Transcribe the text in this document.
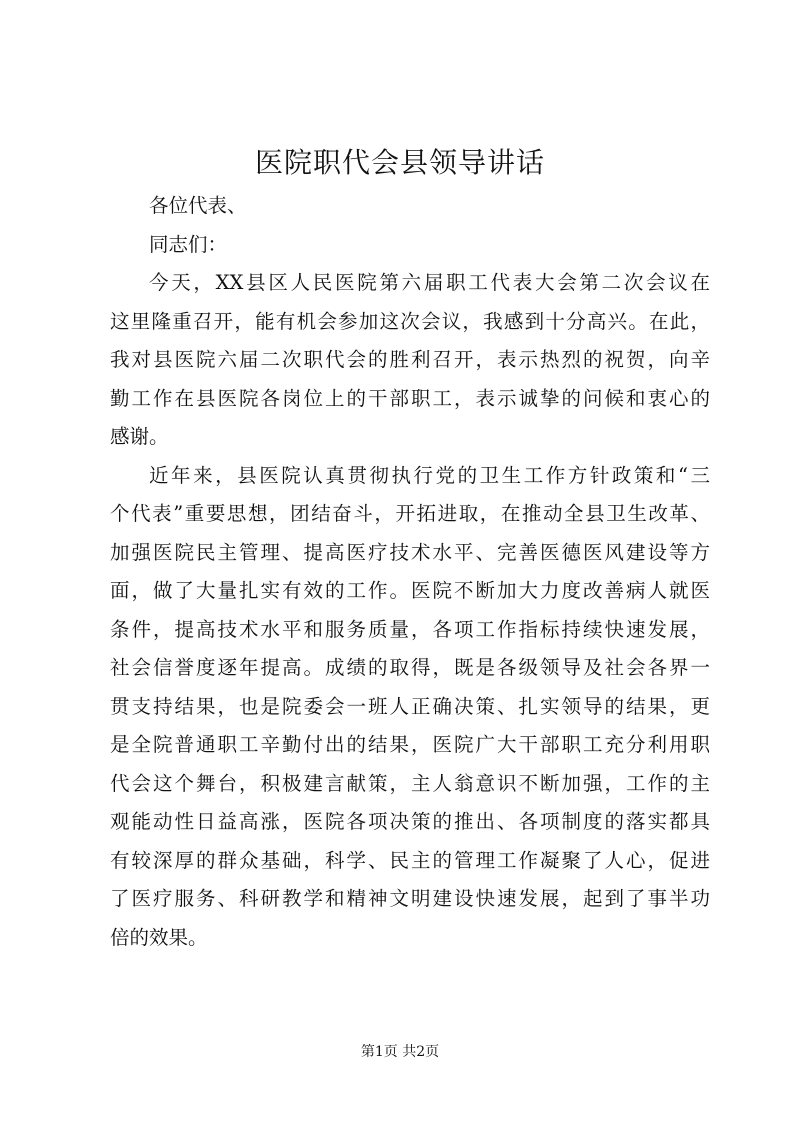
医院职代会县领导讲话
各位代表、
同志们：
今天，XX县区人民医院第六届职工代表大会第二次会议在
这里隆重召开，能有机会参加这次会议，我感到十分高兴。在此，
我对县医院六届二次职代会的胜利召开，表示热烈的祝贺，向辛
勤工作在县医院各岗位上的干部职工，表示诚挚的问候和衷心的
感谢。
近年来，县医院认真贯彻执行党的卫生工作方针政策和“三
个代表”重要思想，团结奋斗，开拓进取，在推动全县卫生改革、
加强医院民主管理、提高医疗技术水平、完善医德医风建设等方
面，做了大量扎实有效的工作。医院不断加大力度改善病人就医
条件，提高技术水平和服务质量，各项工作指标持续快速发展，
社会信誉度逐年提高。成绩的取得，既是各级领导及社会各界一
贯支持结果，也是院委会一班人正确决策、扎实领导的结果，更
是全院普通职工辛勤付出的结果，医院广大干部职工充分利用职
代会这个舞台，积极建言献策，主人翁意识不断加强，工作的主
观能动性日益高涨，医院各项决策的推出、各项制度的落实都具
有较深厚的群众基础，科学、民主的管理工作凝聚了人心，促进
了医疗服务、科研教学和精神文明建设快速发展，起到了事半功
倍的效果。
第1页 共2页
